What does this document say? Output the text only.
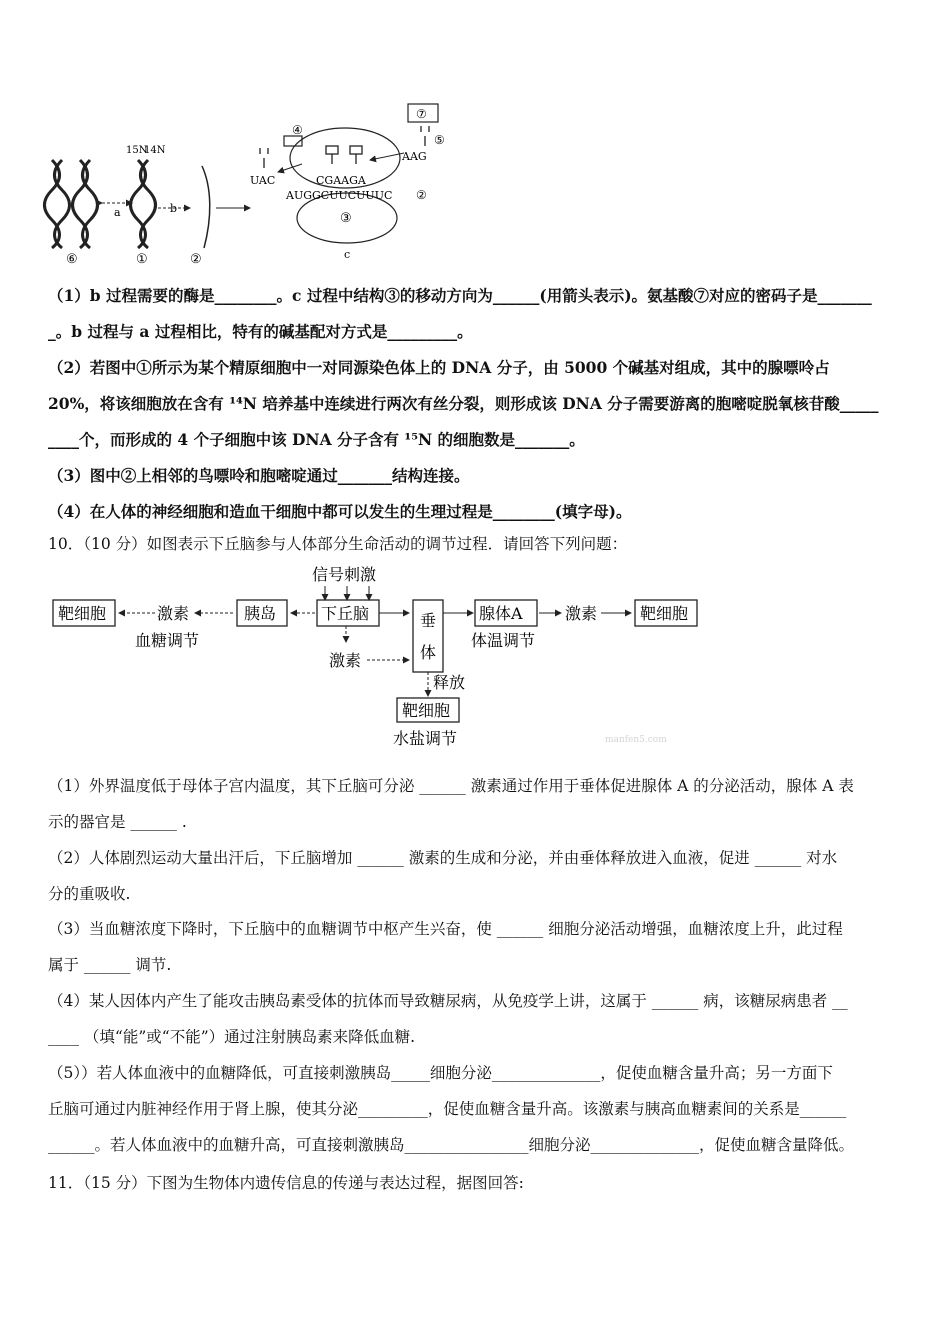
a
15N
14N
b
⑥	①	②
⑦
④
⑤
AAG
UAC	CGAAGA
AUGGCUUCUUUC ②
③
c
（1）b 过程需要的酶是________。c 过程中结构③的移动方向为______(用箭头表示)。氨基酸⑦对应的密码子是_______
_。b 过程与 a 过程相比，特有的碱基配对方式是_________。
（2）若图中①所示为某个精原细胞中一对同源染色体上的 DNA 分子，由 5000 个碱基对组成，其中的腺嘌呤占
20%，将该细胞放在含有 ¹⁴N 培养基中连续进行两次有丝分裂，则形成该 DNA 分子需要游离的胞嘧啶脱氧核苷酸_____
____个，而形成的 4 个子细胞中该 DNA 分子含有 ¹⁵N 的细胞数是_______。
（3）图中②上相邻的鸟嘌呤和胞嘧啶通过_______结构连接。
（4）在人体的神经细胞和造血干细胞中都可以发生的生理过程是________(填字母)。
10．（10 分）如图表示下丘脑参与人体部分生命活动的调节过程．请回答下列问题：
信号刺激
靶细胞	激素
血糖调节
胰岛	下丘脑
激素
垂
体
腺体A
体温调节
激素	靶细胞
释放
靶细胞
水盐调节	manfen5.com
（1）外界温度低于母体子宫内温度，其下丘脑可分泌 ______ 激素通过作用于垂体促进腺体 A 的分泌活动，腺体 A 表
示的器官是 ______ .
（2）人体剧烈运动大量出汗后，下丘脑增加 ______ 激素的生成和分泌，并由垂体释放进入血液，促进 ______ 对水
分的重吸收.
（3）当血糖浓度下降时，下丘脑中的血糖调节中枢产生兴奋，使 ______ 细胞分泌活动增强，血糖浓度上升，此过程
属于 ______ 调节.
（4）某人因体内产生了能攻击胰岛素受体的抗体而导致糖尿病，从免疫学上讲，这属于 ______ 病，该糖尿病患者 __
____ （填“能”或“不能”）通过注射胰岛素来降低血糖.
（5））若人体血液中的血糖降低，可直接刺激胰岛_____细胞分泌______________，促使血糖含量升高；另一方面下
丘脑可通过内脏神经作用于肾上腺，使其分泌_________，促使血糖含量升高。该激素与胰高血糖素间的关系是______
______。若人体血液中的血糖升高，可直接刺激胰岛________________细胞分泌______________，促使血糖含量降低。
11．（15 分）下图为生物体内遗传信息的传递与表达过程，据图回答:
